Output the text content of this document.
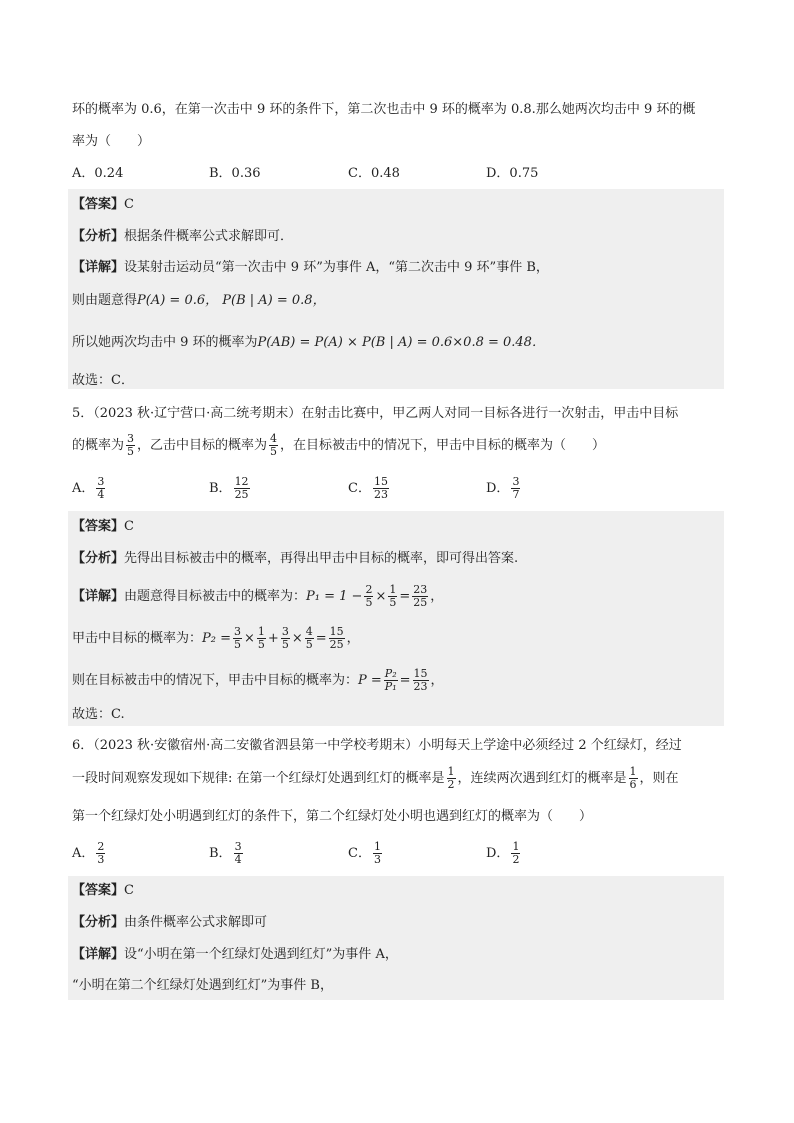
环的概率为 0.6，在第一次击中 9 环的条件下，第二次也击中 9 环的概率为 0.8.那么她两次均击中 9 环的概
率为（　　）
A．0.24	B．0.36	C．0.48	D．0.75
【答案】C
【分析】根据条件概率公式求解即可．
【详解】设某射击运动员“第一次击中 9 环”为事件 A，“第二次击中 9 环”事件 B，
则由题意得P(A) = 0.6， P(B | A) = 0.8，
所以她两次均击中 9 环的概率为P(AB) = P(A) × P(B | A) = 0.6×0.8 = 0.48．
故选：C．
5．（2023 秋·辽宁营口·高二统考期末）在射击比赛中，甲乙两人对同一目标各进行一次射击，甲击中目标
的概率为 $\frac{3}{5}$ ，乙击中目标的概率为 $\frac{4}{5}$ ，在目标被击中的情况下，甲击中目标的概率为（　　）
A． $\frac{3}{4}$	B． $\frac{12}{25}$	C． $\frac{15}{23}$	D． $\frac{3}{7}$
【答案】C
【分析】先得出目标被击中的概率，再得出甲击中目标的概率，即可得出答案.
【详解】由题意得目标被击中的概率为：$P_1 = 1 - \frac{2}{5} \times \frac{1}{5} = \frac{23}{25}$ ，
甲击中目标的概率为：$P_2 = \frac{3}{5} \times \frac{1}{5} + \frac{3}{5} \times \frac{4}{5} = \frac{15}{25}$ ，
则在目标被击中的情况下，甲击中目标的概率为：$P = \frac{\text{P₂}}{\text{P₁}} = \frac{15}{23}$ ，
故选：C.
6．（2023 秋·安徽宿州·高二安徽省泗县第一中学校考期末）小明每天上学途中必须经过 2 个红绿灯，经过
一段时间观察发现如下规律: 在第一个红绿灯处遇到红灯的概率是 $\frac{1}{2}$ ，连续两次遇到红灯的概率是 $\frac{1}{6}$ ，则在
第一个红绿灯处小明遇到红灯的条件下，第二个红绿灯处小明也遇到红灯的概率为（　　）
A． $\frac{2}{3}$	B． $\frac{3}{4}$	C． $\frac{1}{3}$	D． $\frac{1}{2}$
【答案】C
【分析】由条件概率公式求解即可
【详解】设“小明在第一个红绿灯处遇到红灯”为事件 A，
“小明在第二个红绿灯处遇到红灯”为事件 B，
